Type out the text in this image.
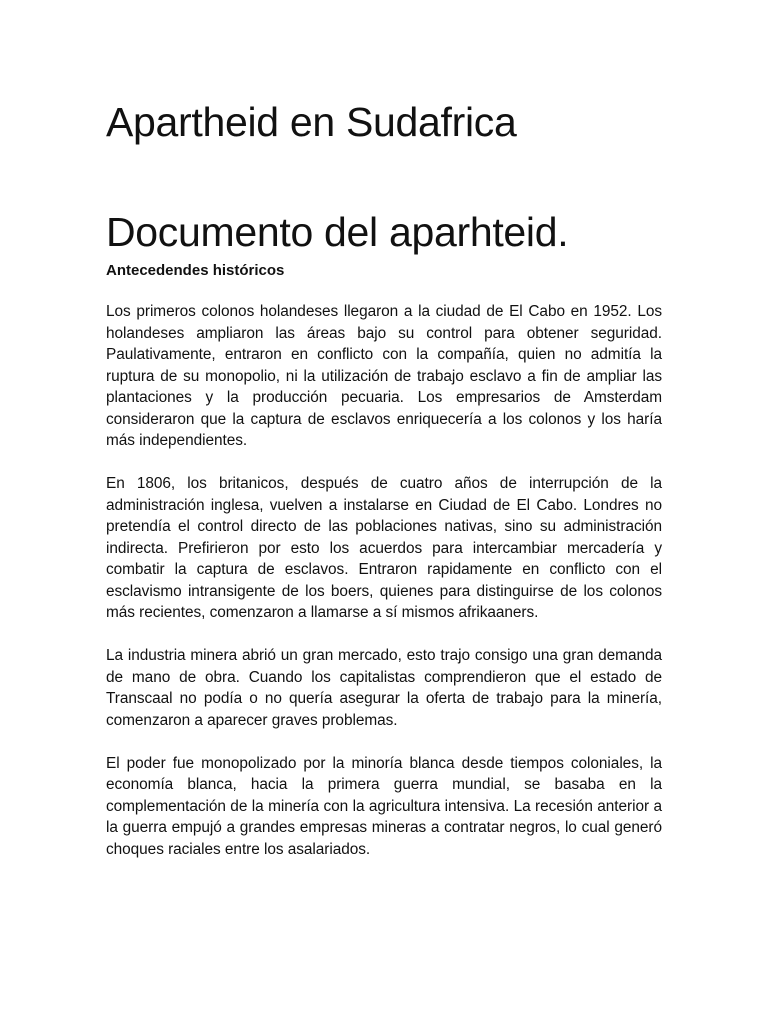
Apartheid en Sudafrica
Documento del aparhteid.
Antecedendes históricos

Los primeros colonos holandeses llegaron a la ciudad de El Cabo en 1952. Los holandeses ampliaron las áreas bajo su control para obtener seguridad. Paulativamente, entraron en conflicto con la compañía, quien no admitía la ruptura de su monopolio, ni la utilización de trabajo esclavo a fin de ampliar las plantaciones y la producción pecuaria. Los empresarios de Amsterdam consideraron que la captura de esclavos enriquecería a los colonos y los haría más independientes.

En 1806, los britanicos, después de cuatro años de interrupción de la administración inglesa, vuelven a instalarse en Ciudad de El Cabo. Londres no pretendía el control directo de las poblaciones nativas, sino su administración indirecta. Prefirieron por esto los acuerdos para intercambiar mercadería y combatir la captura de esclavos. Entraron rapidamente en conflicto con el esclavismo intransigente de los boers, quienes para distinguirse de los colonos más recientes, comenzaron a llamarse a sí mismos afrikaaners.

La industria minera abrió un gran mercado, esto trajo consigo una gran demanda de mano de obra. Cuando los capitalistas comprendieron que el estado de Transcaal no podía o no quería asegurar la oferta de trabajo para la minería, comenzaron a aparecer graves problemas.

El poder fue monopolizado por la minoría blanca desde tiempos coloniales, la economía blanca, hacia la primera guerra mundial, se basaba en la complementación de la minería con la agricultura intensiva. La recesión anterior a la guerra empujó a grandes empresas mineras a contratar negros, lo cual generó choques raciales entre los asalariados.
